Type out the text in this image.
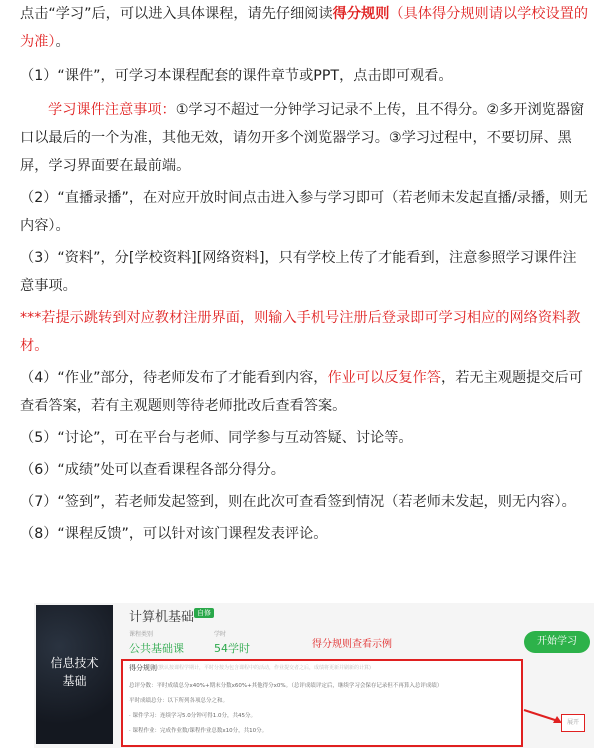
点击“学习”后，可以进入具体课程，请先仔细阅读得分规则（具体得分规则请以学校设置的为准）。

（1）“课件”，可学习本课程配套的课件章节或PPT，点击即可观看。

学习课件注意事项：①学习不超过一分钟学习记录不上传，且不得分。②多开浏览器窗口以最后的一个为准，其他无效，请勿开多个浏览器学习。③学习过程中，不要切屏、黑屏，学习界面要在最前端。

（2）“直播录播”，在对应开放时间点击进入参与学习即可（若老师未发起直播/录播，则无内容）。

（3）“资料”，分[学校资料][网络资料]，只有学校上传了才能看到，注意参照学习课件注意事项。

***若提示跳转到对应教材注册界面，则输入手机号注册后登录即可学习相应的网络资料教材。

（4）“作业”部分，待老师发布了才能看到内容，作业可以反复作答，若无主观题提交后可查看答案，若有主观题则等待老师批改后查看答案。

（5）“讨论”，可在平台与老师、同学参与互动答疑、讨论等。

（6）“成绩”处可以查看课程各部分得分。

（7）“签到”，若老师发起签到，则在此次可查看签到情况（若老师未发起，则无内容）。

（8）“课程反馈”，可以针对该门课程发表评论。

信息技术
基础
计算机基础 自修
课程类别
公共基础课
学时
54学时	得分规则查看示例	开始学习
得分规则 (默认按课程学期计，平时分按为包含课程中的活动，作业提交者之后，成绩将更新并刷新的计算)
总评分数：平时成绩总分x40%+期末分数x60%+其他得分x0%。（总评成绩评定后，继续学习会保存记录但不再算入总评成绩）
平时成绩总分：以下所列各项总分之和。
· 课件学习：连续学习5.0分钟可得1.0分，共45分。
· 课程作业：完成作业数/课程作业总数x10分，共10分。
展开
